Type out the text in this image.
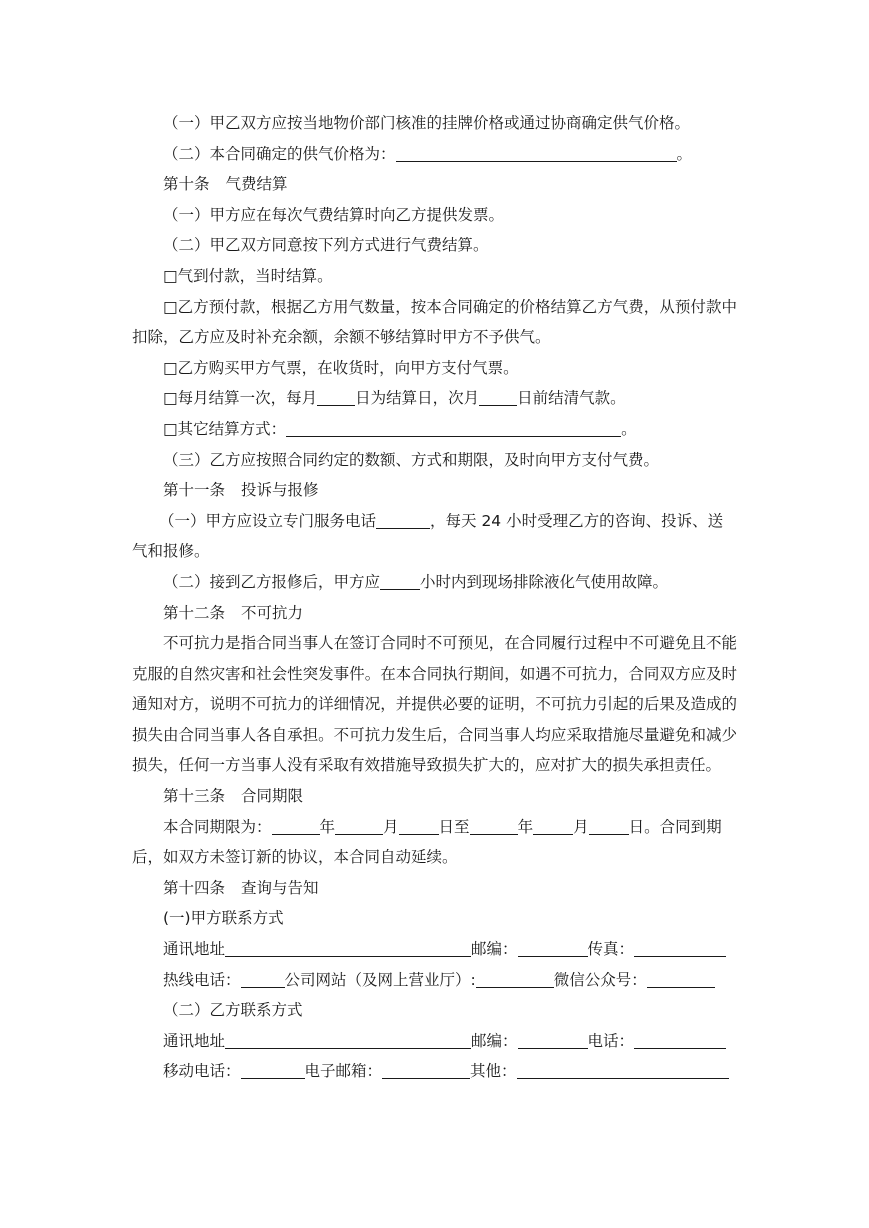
（一）甲乙双方应按当地物价部门核准的挂牌价格或通过协商确定供气价格。

（二）本合同确定的供气价格为：	。

第十条 气费结算

（一）甲方应在每次气费结算时向乙方提供发票。

（二）甲乙双方同意按下列方式进行气费结算。

□气到付款，当时结算。

□乙方预付款，根据乙方用气数量，按本合同确定的价格结算乙方气费，从预付款中扣除，乙方应及时补充余额，余额不够结算时甲方不予供气。

□乙方购买甲方气票，在收货时，向甲方支付气票。

□每月结算一次，每月 日为结算日，次月 日前结清气款。

□其它结算方式：	。

（三）乙方应按照合同约定的数额、方式和期限，及时向甲方支付气费。

第十一条 投诉与报修

（一）甲方应设立专门服务电话	，每天 24 小时受理乙方的咨询、投诉、送

气和报修。

（二）接到乙方报修后，甲方应	小时内到现场排除液化气使用故障。

第十二条 不可抗力

不可抗力是指合同当事人在签订合同时不可预见，在合同履行过程中不可避免且不能克服的自然灾害和社会性突发事件。在本合同执行期间，如遇不可抗力，合同双方应及时通知对方，说明不可抗力的详细情况，并提供必要的证明，不可抗力引起的后果及造成的损失由合同当事人各自承担。不可抗力发生后，合同当事人均应采取措施尽量避免和减少损失，任何一方当事人没有采取有效措施导致损失扩大的，应对扩大的损失承担责任。

第十三条 合同期限

本合同期限为：	年	月	日至	年	月	日。合同到期

后，如双方未签订新的协议，本合同自动延续。

第十四条 查询与告知

(一)甲方联系方式

通讯地址	邮编：	传真：

热线电话：	公司网站（及网上营业厅）:	微信公众号：

（二）乙方联系方式

通讯地址	邮编：	电话：

移动电话：	电子邮箱：	其他：
